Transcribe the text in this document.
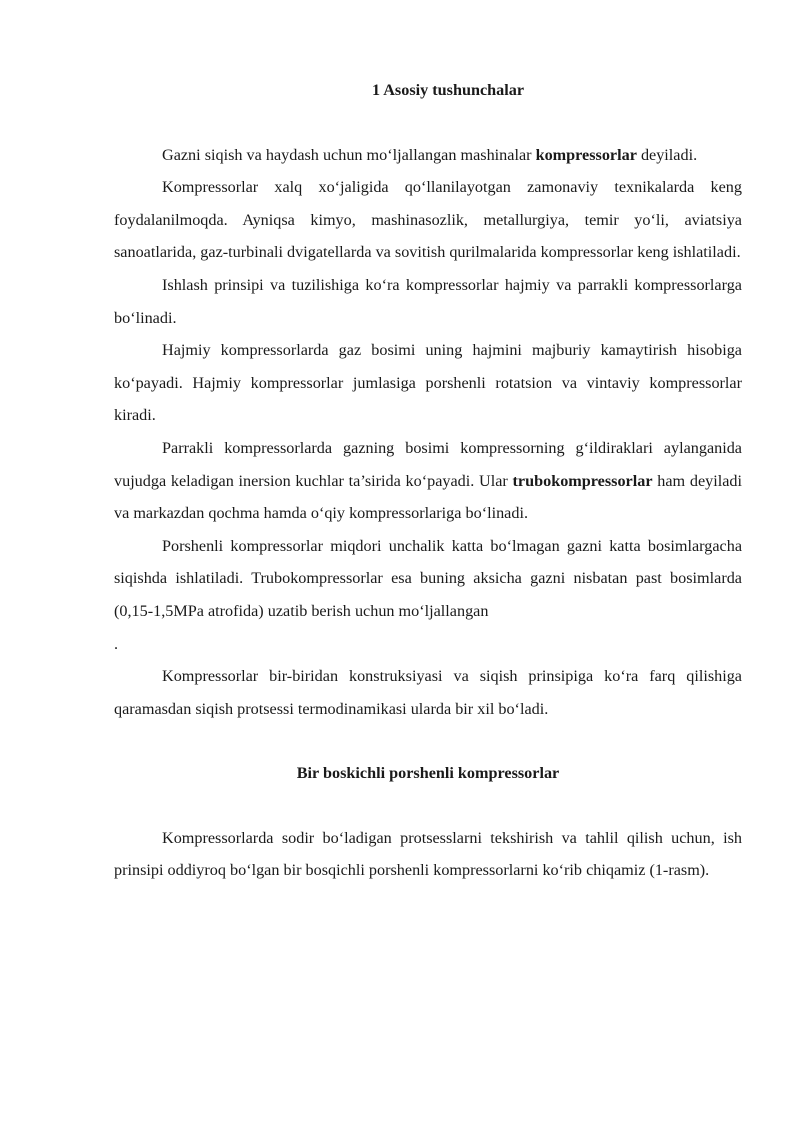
1 Asosiy tushunchalar

Gazni siqish va haydash uchun mo‘ljallangan mashinalar kompressorlar deyiladi.

Kompressorlar xalq xo‘jaligida qo‘llanilayotgan zamonaviy texnikalarda keng foydalanilmoqda. Ayniqsa kimyo, mashinasozlik, metallurgiya, temir yo‘li, aviatsiya sanoatlarida, gaz-turbinali dvigatellarda va sovitish qurilmalarida kompressorlar keng ishlatiladi.

Ishlash prinsipi va tuzilishiga ko‘ra kompressorlar hajmiy va parrakli kompressorlarga bo‘linadi.

Hajmiy kompressorlarda gaz bosimi uning hajmini majburiy kamaytirish hisobiga ko‘payadi. Hajmiy kompressorlar jumlasiga porshenli rotatsion va vintaviy kompressorlar kiradi.

Parrakli kompressorlarda gazning bosimi kompressorning g‘ildiraklari aylanganida vujudga keladigan inersion kuchlar ta’sirida ko‘payadi. Ular trubokompressorlar ham deyiladi va markazdan qochma hamda o‘qiy kompressorlariga bo‘linadi.

Porshenli kompressorlar miqdori unchalik katta bo‘lmagan gazni katta bosimlargacha siqishda ishlatiladi. Trubokompressorlar esa buning aksicha gazni nisbatan past bosimlarda (0,15-1,5MPa atrofida) uzatib berish uchun mo‘ljallangan

.

Kompressorlar bir-biridan konstruksiyasi va siqish prinsipiga ko‘ra farq qilishiga qaramasdan siqish protsessi termodinamikasi ularda bir xil bo‘ladi.

Bir boskichli porshenli kompressorlar

Kompressorlarda sodir bo‘ladigan protsesslarni tekshirish va tahlil qilish uchun, ish prinsipi oddiyroq bo‘lgan bir bosqichli porshenli kompressorlarni ko‘rib chiqamiz (1-rasm).
